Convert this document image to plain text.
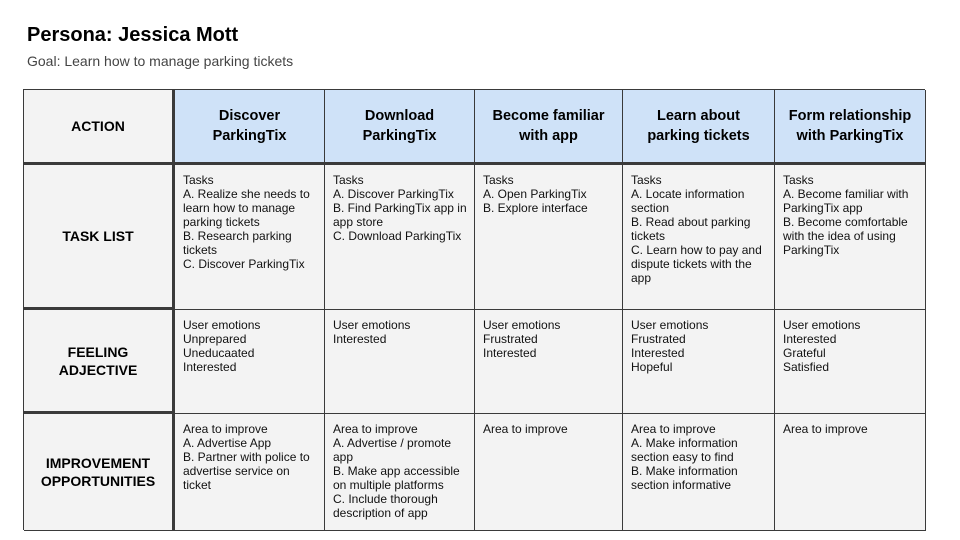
Persona: Jessica Mott

Goal: Learn how to manage parking tickets

ACTION
Discover ParkingTix
Download ParkingTix
Become familiar with app
Learn about parking tickets
Form relationship with ParkingTix
TASK LIST
Tasks
A. Realize she needs to learn how to manage parking tickets
B. Research parking tickets
C. Discover ParkingTix
Tasks
A. Discover ParkingTix
B. Find ParkingTix app in app store
C. Download ParkingTix
Tasks
A. Open ParkingTix
B. Explore interface
Tasks
A. Locate information section
B. Read about parking tickets
C. Learn how to pay and dispute tickets with the app
Tasks
A. Become familiar with ParkingTix app
B. Become comfortable with the idea of using ParkingTix
FEELING ADJECTIVE
User emotions
Unprepared
Uneducaated
Interested
User emotions
Interested
User emotions
Frustrated
Interested
User emotions
Frustrated
Interested
Hopeful
User emotions
Interested
Grateful
Satisfied
IMPROVEMENT OPPORTUNITIES
Area to improve
A. Advertise App
B. Partner with police to advertise service on ticket
Area to improve
A. Advertise / promote app
B. Make app accessible on multiple platforms
C. Include thorough description of app
Area to improve	Area to improve
A. Make information section easy to find
B. Make information section informative
Area to improve
